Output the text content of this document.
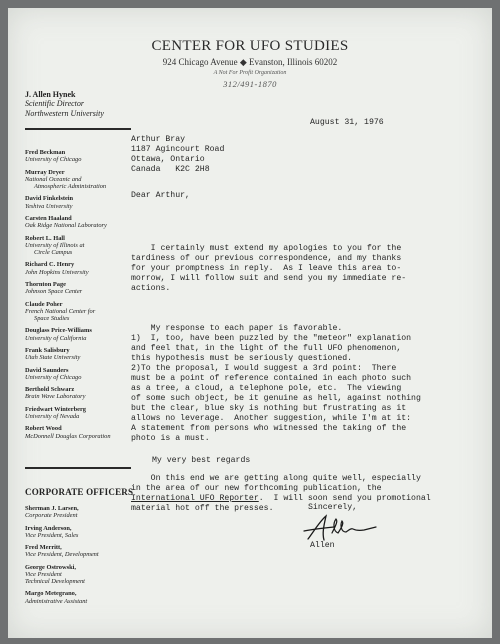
CENTER FOR UFO STUDIES
924 Chicago Avenue ◆ Evanston, Illinois 60202
A Not For Profit Organization
312/491-1870
J. Allen Hynek
Scientific Director
Northwestern University
Fred Beckman
University of Chicago
Murray Dryer
National Oceanic and
Atmospheric Administration
David Finkelstein
Yeshiva University
Carsten Haaland
Oak Ridge National Laboratory
Robert L. Hall
University of Illinois at
Circle Campus
Richard C. Henry
John Hopkins University
Thornton Page
Johnson Space Center
Claude Poher
French National Center for
Space Studies
Douglass Price-Williams
University of California
Frank Salisbury
Utah State University
David Saunders
University of Chicago
Berthold Schwarz
Brain Wave Laboratory
Friedwart Winterberg
University of Nevada
Robert Wood
McDonnell Douglas Corporation
CORPORATE OFFICERS
Sherman J. Larsen,
Corporate President
Irving Anderson,
Vice President, Sales
Fred Merritt,
Vice President, Development
George Ostrowski,
Vice President
Technical Development
Margo Metegrano,
Administrative Assistant
August 31, 1976
Arthur Bray
1187 Agincourt Road
Ottawa, Ontario
Canada   K2C 2H8
Dear Arthur,

I certainly must extend my apologies to you for the
tardiness of our previous correspondence, and my thanks
for your promptness in reply.  As I leave this area to-
morrow, I will follow suit and send you my immediate re-
actions.

My response to each paper is favorable.
1)  I, too, have been puzzled by the "meteor" explanation
and feel that, in the light of the full UFO phenomenon,
this hypothesis must be seriously questioned.
2)To the proposal, I would suggest a 3rd point:  There
must be a point of reference contained in each photo such
as a tree, a cloud, a telephone pole, etc.  The viewing
of some such object, be it genuine as hell, against nothing
but the clear, blue sky is nothing but frustrating as it
allows no leverage.  Another suggestion, while I'm at it:
A statement from persons who witnessed the taking of the
photo is a must.

On this end we are getting along quite well, especially
in the area of our new forthcoming publication, the
International UFO Reporter.  I will soon send you promotional
material hot off the presses.

My very best regards
Sincerely,
Allen
